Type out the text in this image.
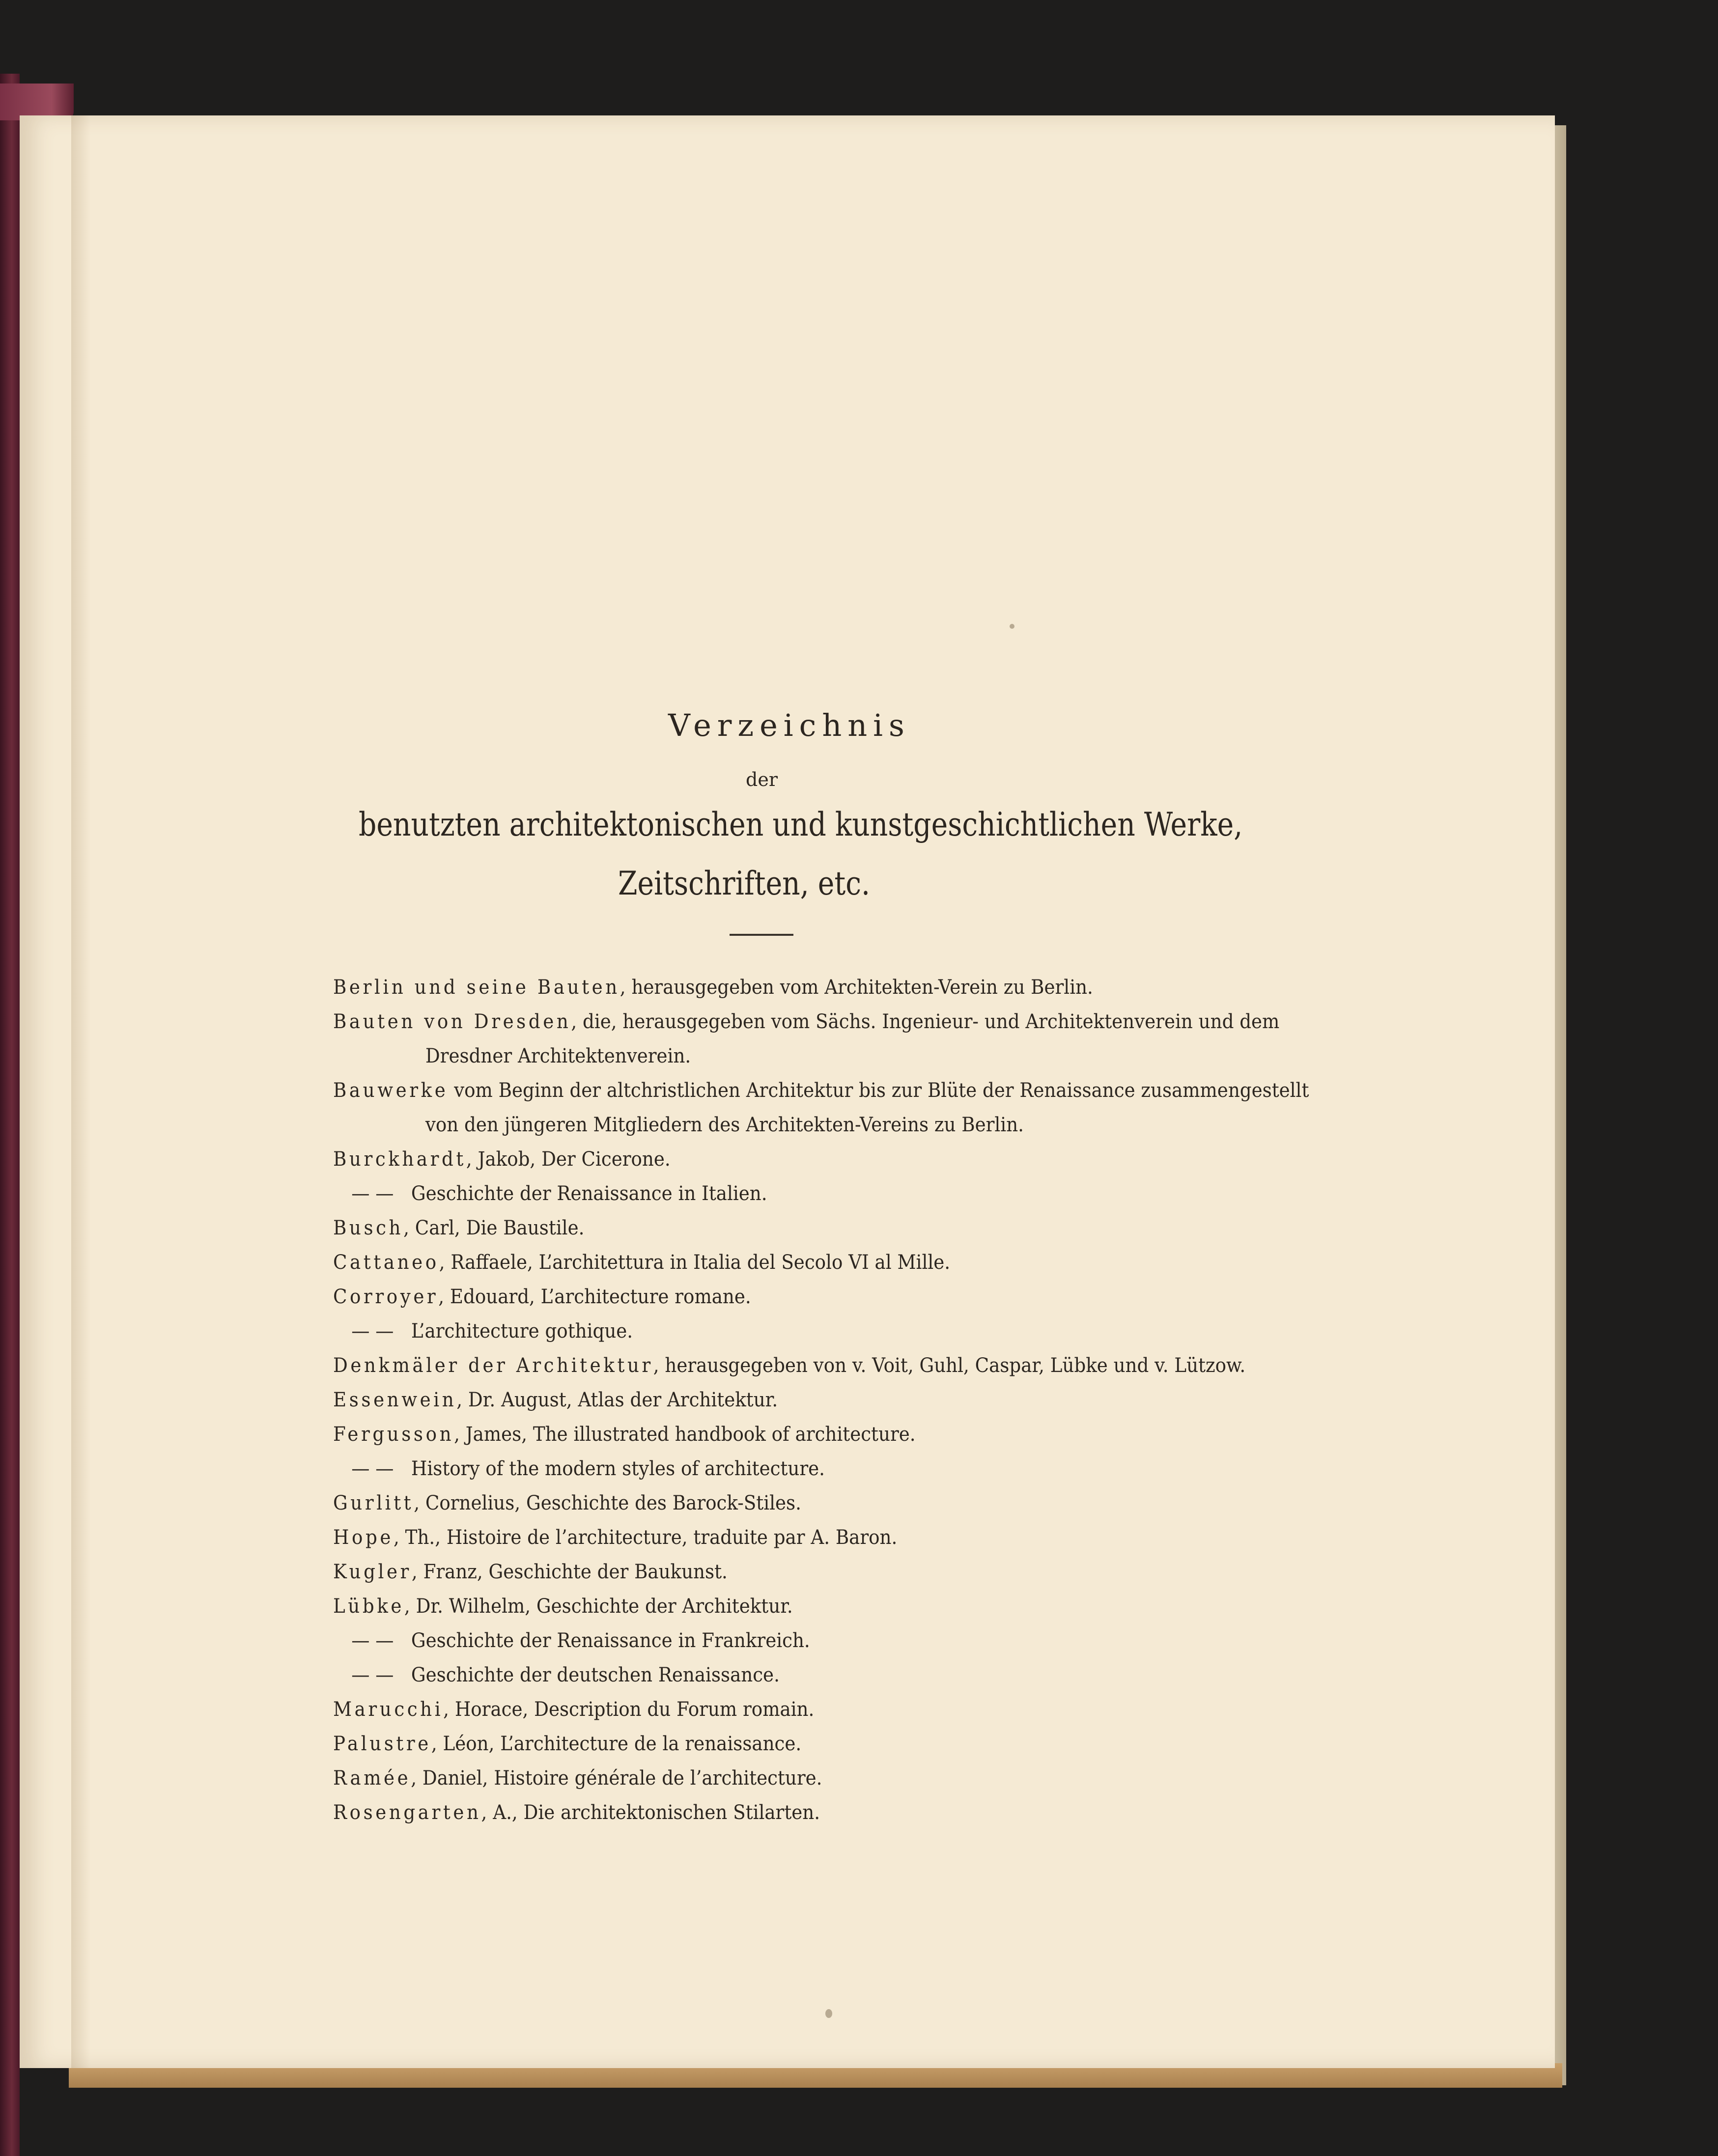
Verzeichnis
der
benutzten architektonischen und kunstgeschichtlichen Werke,
Zeitschriften, etc.
Berlin und seine Bauten, herausgegeben vom Architekten-Verein zu Berlin.
Bauten von Dresden, die, herausgegeben vom Sächs. Ingenieur- und Architektenverein und dem
Dresdner Architektenverein.
Bauwerke vom Beginn der altchristlichen Architektur bis zur Blüte der Renaissance zusammengestellt
von den jüngeren Mitgliedern des Architekten-Vereins zu Berlin.
Burckhardt, Jakob, Der Cicerone.
— —   Geschichte der Renaissance in Italien.
Busch, Carl, Die Baustile.
Cattaneo, Raffaele, L’architettura in Italia del Secolo VI al Mille.
Corroyer, Edouard, L’architecture romane.
— —   L’architecture gothique.
Denkmäler der Architektur, herausgegeben von v. Voit, Guhl, Caspar, Lübke und v. Lützow.
Essenwein, Dr. August, Atlas der Architektur.
Fergusson, James, The illustrated handbook of architecture.
— —   History of the modern styles of architecture.
Gurlitt, Cornelius, Geschichte des Barock-Stiles.
Hope, Th., Histoire de l’architecture, traduite par A. Baron.
Kugler, Franz, Geschichte der Baukunst.
Lübke, Dr. Wilhelm, Geschichte der Architektur.
— —   Geschichte der Renaissance in Frankreich.
— —   Geschichte der deutschen Renaissance.
Marucchi, Horace, Description du Forum romain.
Palustre, Léon, L’architecture de la renaissance.
Ramée, Daniel, Histoire générale de l’architecture.
Rosengarten, A., Die architektonischen Stilarten.
